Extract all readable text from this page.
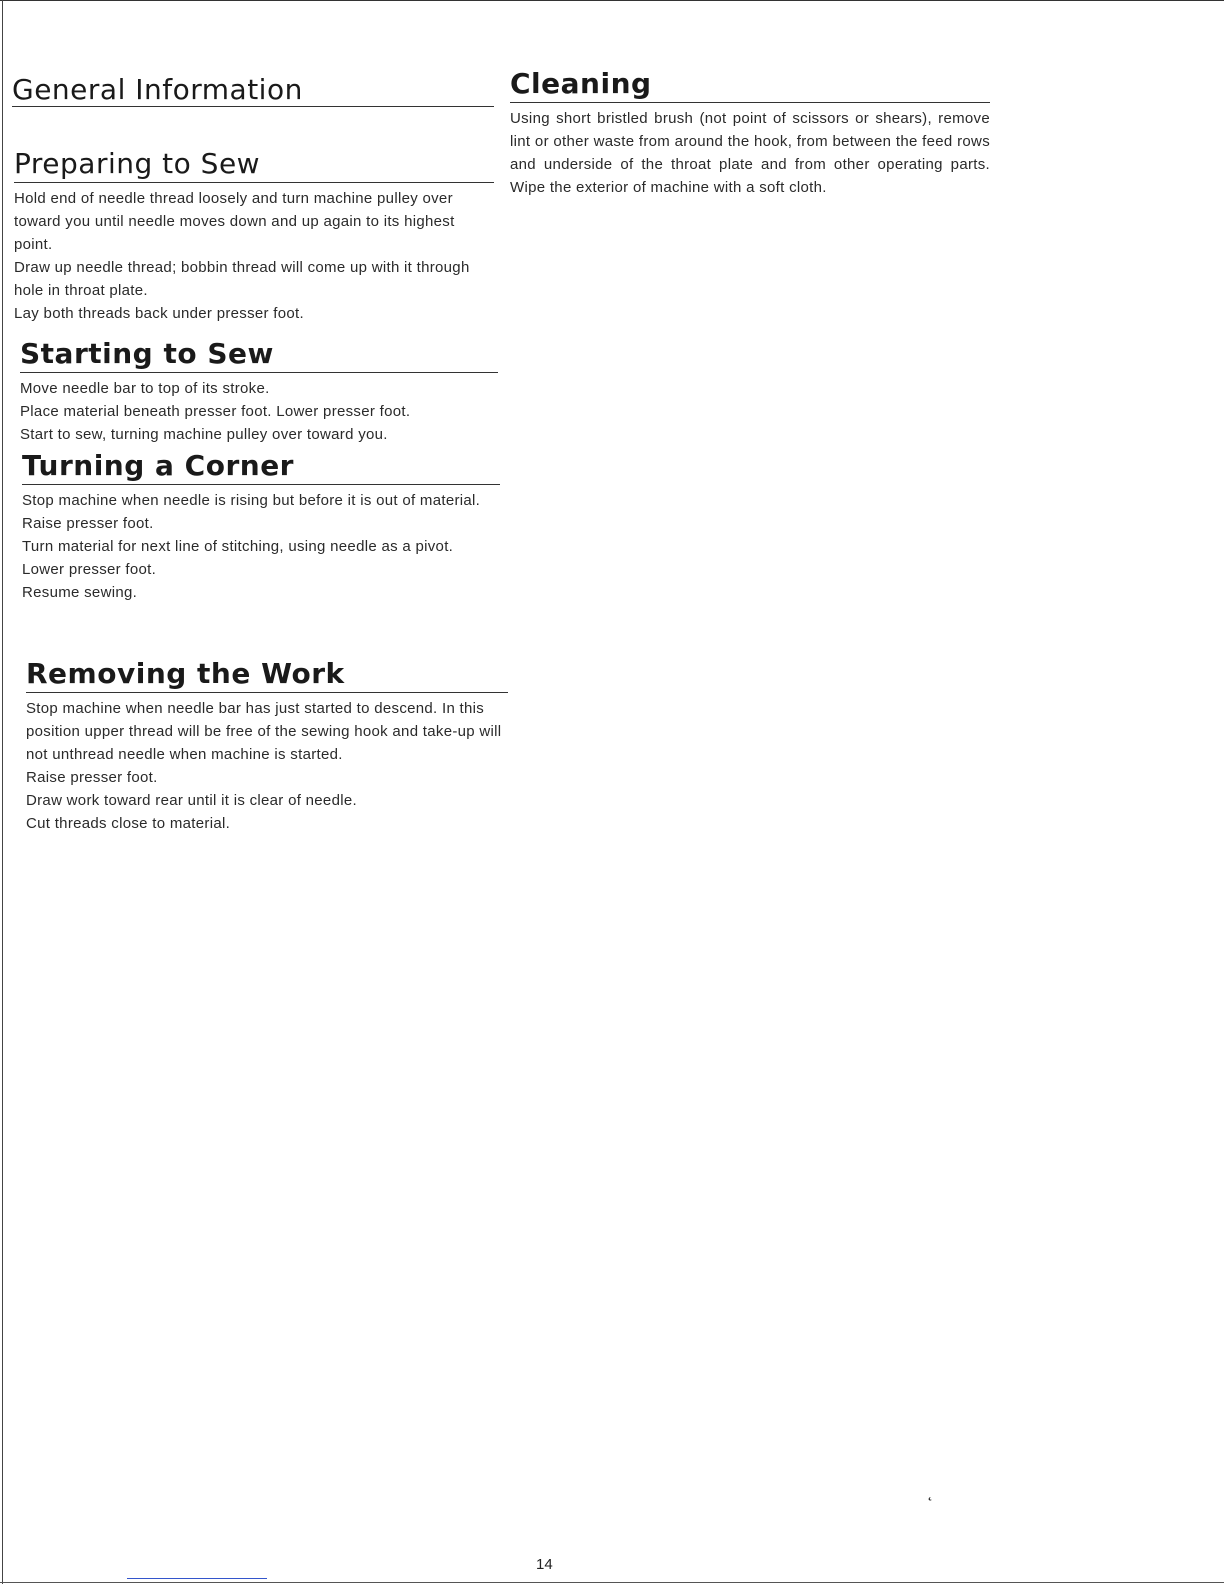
General Information
Preparing to Sew

Hold end of needle thread loosely and turn machine pulley over toward you until needle moves down and up again to its highest point.

Draw up needle thread; bobbin thread will come up with it through hole in throat plate.

Lay both threads back under presser foot.

Starting to Sew

Move needle bar to top of its stroke.

Place material beneath presser foot. Lower presser foot.

Start to sew, turning machine pulley over toward you.

Turning a Corner

Stop machine when needle is rising but before it is out of material.

Raise presser foot.

Turn material for next line of stitching, using needle as a pivot.

Lower presser foot.

Resume sewing.

Removing the Work

Stop machine when needle bar has just started to descend. In this position upper thread will be free of the sewing hook and take-up will not unthread needle when machine is started.

Raise presser foot.

Draw work toward rear until it is clear of needle.

Cut threads close to material.

Cleaning

Using short bristled brush (not point of scissors or shears), remove lint or other waste from around the hook, from between the feed rows and underside of the throat plate and from other operating parts. Wipe the exterior of machine with a soft cloth.

14
˛
